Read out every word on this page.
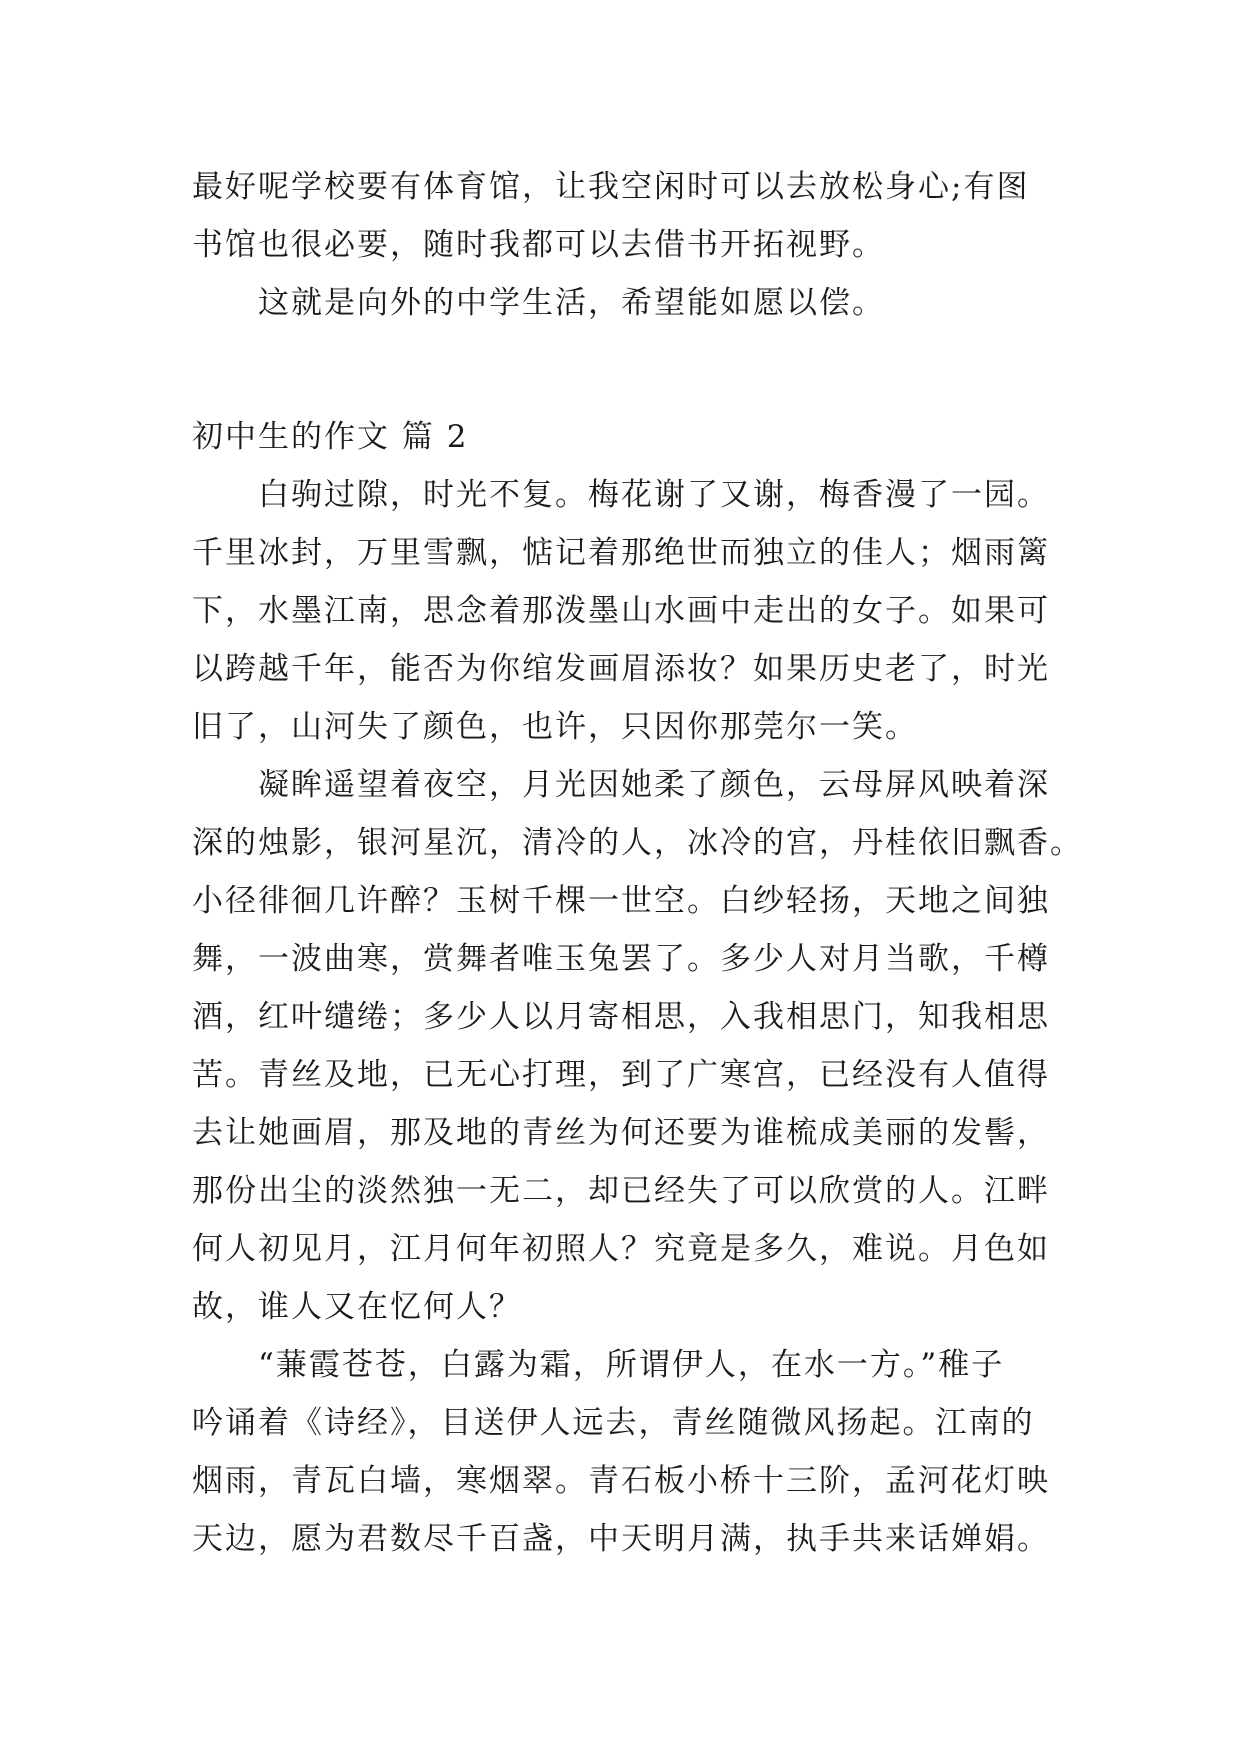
最好呢学校要有体育馆，让我空闲时可以去放松身心;有图
书馆也很必要，随时我都可以去借书开拓视野。
这就是向外的中学生活，希望能如愿以偿。
初中生的作文 篇 2
白驹过隙，时光不复。梅花谢了又谢，梅香漫了一园。
千里冰封，万里雪飘，惦记着那绝世而独立的佳人；烟雨篱
下，水墨江南，思念着那泼墨山水画中走出的女子。如果可
以跨越千年，能否为你绾发画眉添妆？如果历史老了，时光
旧了，山河失了颜色，也许，只因你那莞尔一笑。
凝眸遥望着夜空，月光因她柔了颜色，云母屏风映着深
深的烛影，银河星沉，清冷的人，冰冷的宫，丹桂依旧飘香。
小径徘徊几许醉？玉树千棵一世空。白纱轻扬，天地之间独
舞，一波曲寒，赏舞者唯玉兔罢了。多少人对月当歌，千樽
酒，红叶缱绻；多少人以月寄相思，入我相思门，知我相思
苦。青丝及地，已无心打理，到了广寒宫，已经没有人值得
去让她画眉，那及地的青丝为何还要为谁梳成美丽的发髻，
那份出尘的淡然独一无二，却已经失了可以欣赏的人。江畔
何人初见月，江月何年初照人？究竟是多久，难说。月色如
故，谁人又在忆何人？
“蒹霞苍苍，白露为霜，所谓伊人，在水一方。”稚子
吟诵着《诗经》，目送伊人远去，青丝随微风扬起。江南的
烟雨，青瓦白墙，寒烟翠。青石板小桥十三阶，孟河花灯映
天边，愿为君数尽千百盏，中天明月满，执手共来话婵娟。
